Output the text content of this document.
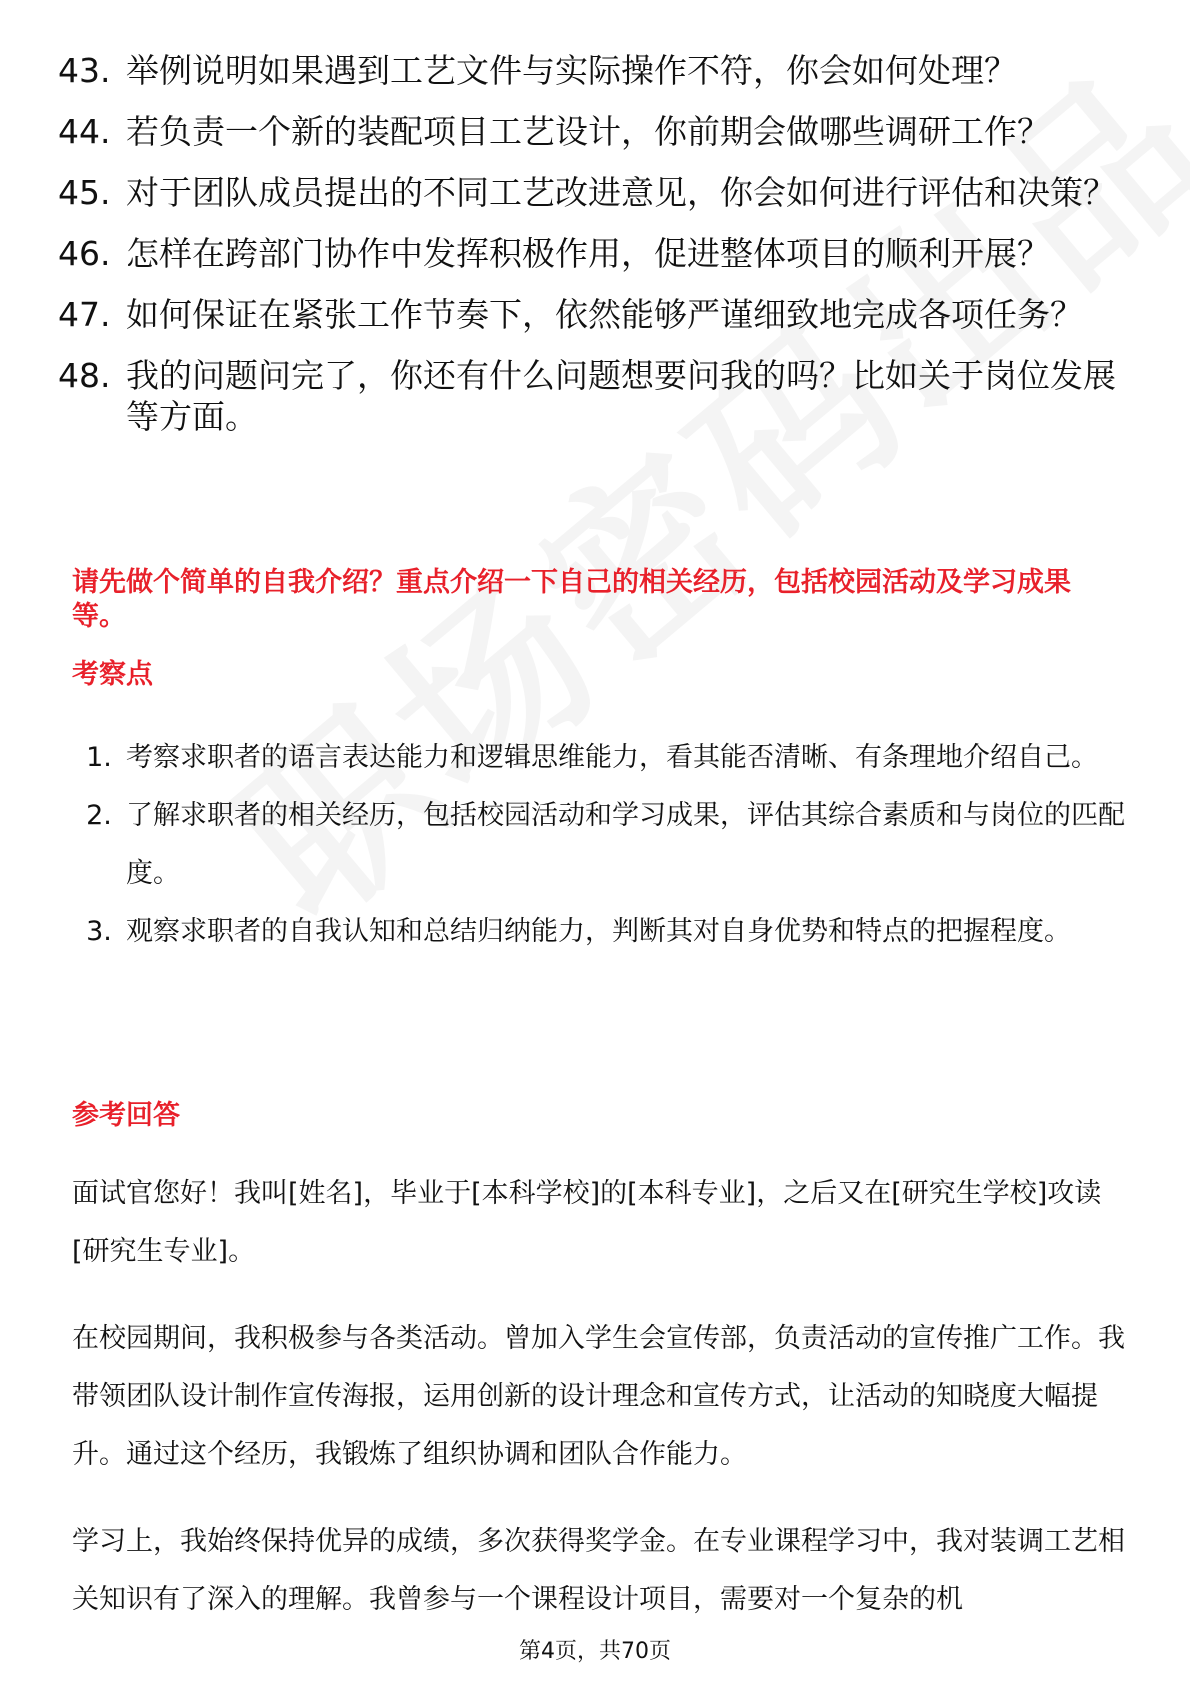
43. 举例说明如果遇到工艺文件与实际操作不符，你会如何处理？
44. 若负责一个新的装配项目工艺设计，你前期会做哪些调研工作？
45. 对于团队成员提出的不同工艺改进意见，你会如何进行评估和决策？
46. 怎样在跨部门协作中发挥积极作用，促进整体项目的顺利开展？
47. 如何保证在紧张工作节奏下，依然能够严谨细致地完成各项任务？
48. 我的问题问完了，你还有什么问题想要问我的吗？比如关于岗位发展等方面。
请先做个简单的自我介绍？重点介绍一下自己的相关经历，包括校园活动及学习成果等。
考察点
1. 考察求职者的语言表达能力和逻辑思维能力，看其能否清晰、有条理地介绍自己。
2. 了解求职者的相关经历，包括校园活动和学习成果，评估其综合素质和与岗位的匹配度。
3. 观察求职者的自我认知和总结归纳能力，判断其对自身优势和特点的把握程度。
参考回答
面试官您好！我叫[姓名]，毕业于[本科学校]的[本科专业]，之后又在[研究生学校]攻读[研究生专业]。
在校园期间，我积极参与各类活动。曾加入学生会宣传部，负责活动的宣传推广工作。我带领团队设计制作宣传海报，运用创新的设计理念和宣传方式，让活动的知晓度大幅提升。通过这个经历，我锻炼了组织协调和团队合作能力。
学习上，我始终保持优异的成绩，多次获得奖学金。在专业课程学习中，我对装调工艺相关知识有了深入的理解。我曾参与一个课程设计项目，需要对一个复杂的机
第4页，共70页
